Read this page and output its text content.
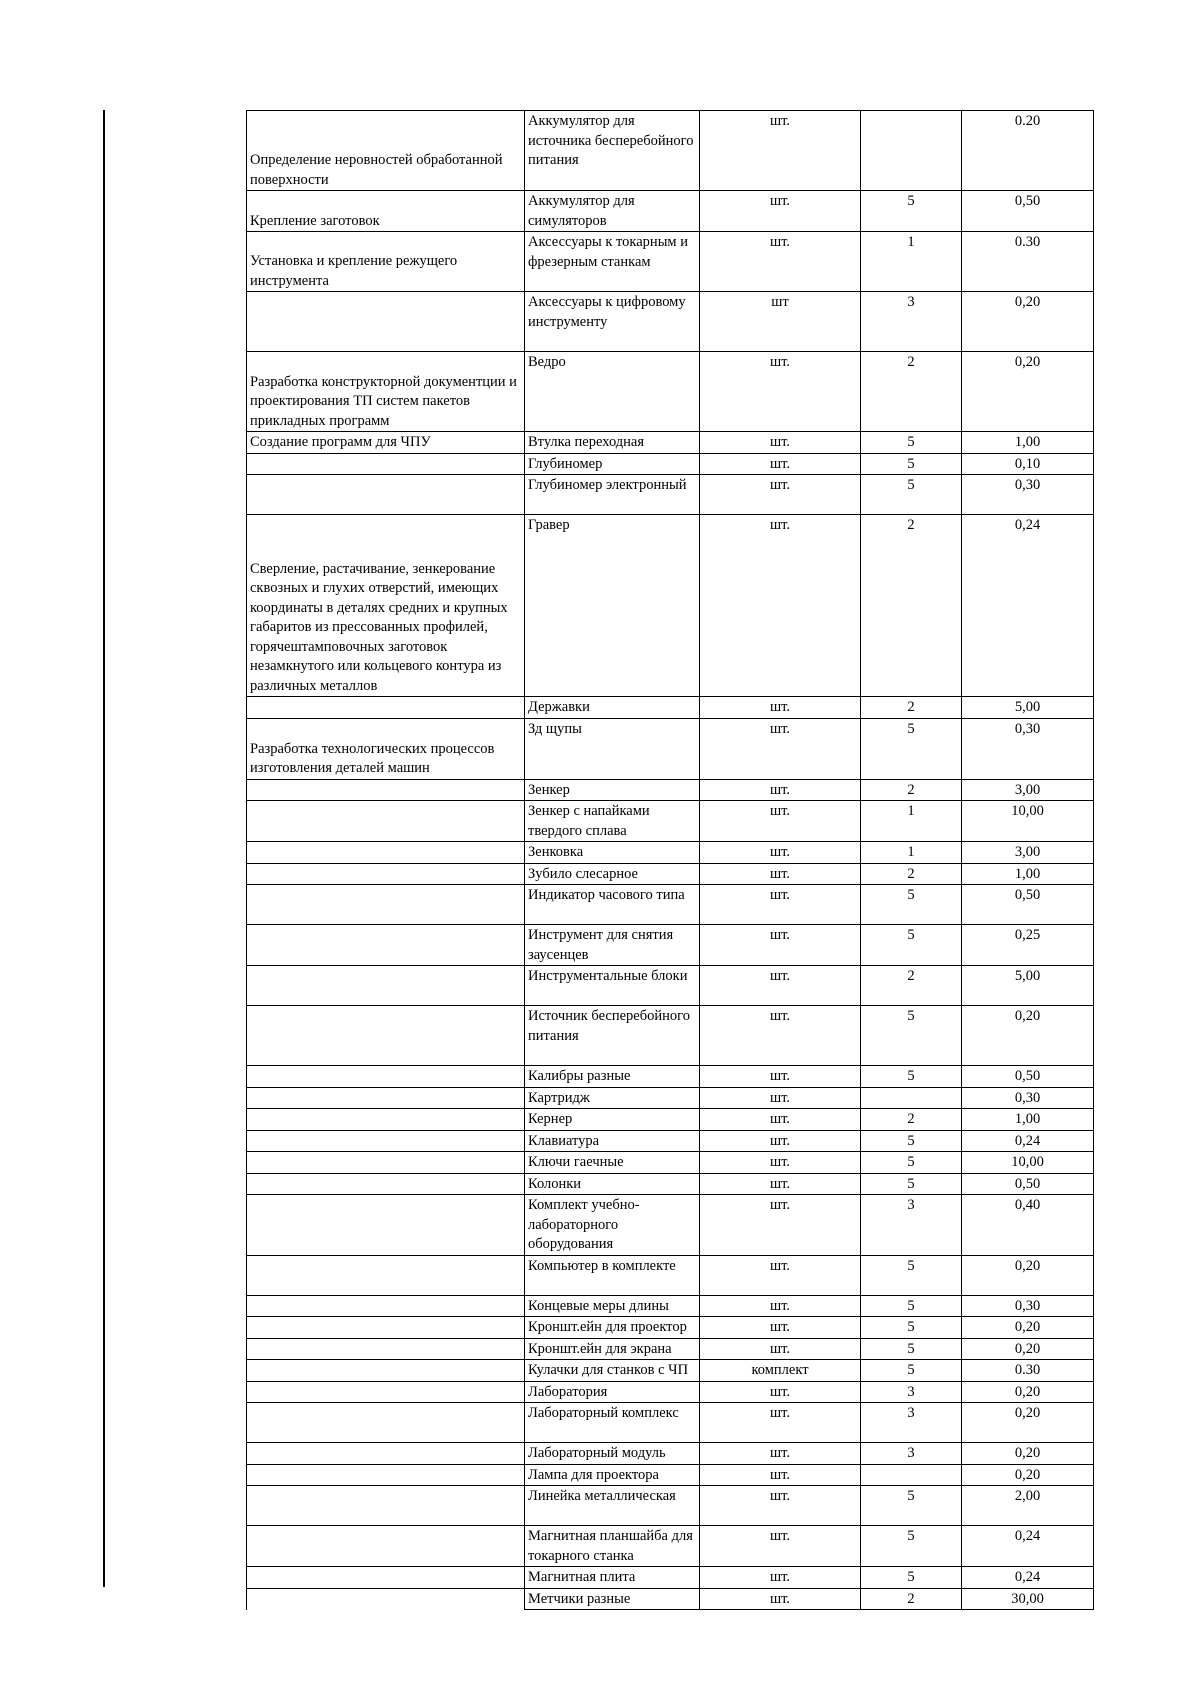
Определение неровностей обработанной поверхности	Аккумулятор для источника бесперебойного питания	шт.		0.20
Крепление заготовок	Аккумулятор для симуляторов	шт.	5	0,50
Установка и крепление режущего инструмента	Аксессуары к токарным и фрезерным станкам	шт.	1	0.30
	Аксессуары к цифровому инструменту	шт	3	0,20
Разработка конструкторной документции и проектирования ТП систем пакетов прикладных программ	Ведро	шт.	2	0,20
Создание программ для ЧПУ	Втулка переходная	шт.	5	1,00
	Глубиномер	шт.	5	0,10
	Глубиномер электронный	шт.	5	0,30
Сверление, растачивание, зенкерование сквозных и глухих отверстий, имеющих координаты в деталях средних и крупных габаритов из прессованных профилей, горячештамповочных заготовок незамкнутого или кольцевого контура из различных металлов	Гравер	шт.	2	0,24
	Державки	шт.	2	5,00
Разработка технологических процессов изготовления деталей машин	Зд щупы	шт.	5	0,30
	Зенкер	шт.	2	3,00
	Зенкер с напайками твердого сплава	шт.	1	10,00
	Зенковка	шт.	1	3,00
	Зубило слесарное	шт.	2	1,00
	Индикатор часового типа	шт.	5	0,50
	Инструмент для снятия заусенцев	шт.	5	0,25
	Инструментальные блоки	шт.	2	5,00
	Источник бесперебойного питания	шт.	5	0,20
	Калибры разные	шт.	5	0,50
	Картридж	шт.		0,30
	Кернер	шт.	2	1,00
	Клавиатура	шт.	5	0,24
	Ключи гаечные	шт.	5	10,00
	Колонки	шт.	5	0,50
	Комплект учебно-лабораторного оборудования	шт.	3	0,40
	Компьютер в комплекте	шт.	5	0,20
	Концевые меры длины	шт.	5	0,30
	Кроншт.ейн для проектор	шт.	5	0,20
	Кроншт.ейн для экрана	шт.	5	0,20
	Кулачки для станков с ЧП	комплект	5	0.30
	Лаборатория	шт.	3	0,20
	Лабораторный комплекс	шт.	3	0,20
	Лабораторный модуль	шт.	3	0,20
	Лампа для проектора	шт.		0,20
	Линейка металлическая	шт.	5	2,00
	Магнитная планшайба для токарного станка	шт.	5	0,24
	Магнитная плита	шт.	5	0,24
	Метчики разные	шт.	2	30,00
